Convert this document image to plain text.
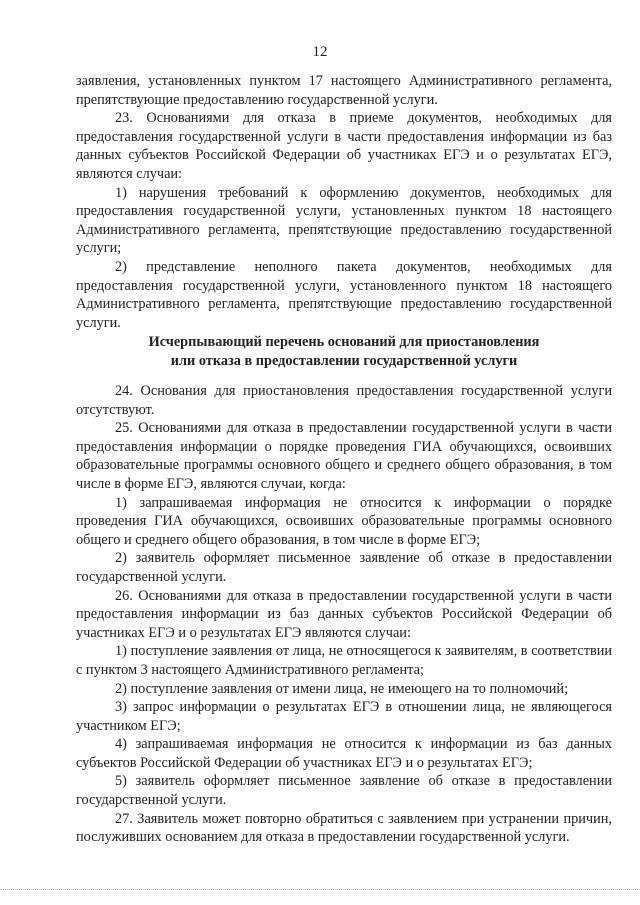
12

заявления, установленных пунктом 17 настоящего Административного регламента, препятствующие предоставлению государственной услуги.

23. Основаниями для отказа в приеме документов, необходимых для предоставления государственной услуги в части предоставления информации из баз данных субъектов Российской Федерации об участниках ЕГЭ и о результатах ЕГЭ, являются случаи:

1) нарушения требований к оформлению документов, необходимых для предоставления государственной услуги, установленных пунктом 18 настоящего Административного регламента, препятствующие предоставлению государственной услуги;

2) представление неполного пакета документов, необходимых для предоставления государственной услуги, установленного пунктом 18 настоящего Административного регламента, препятствующие предоставлению государственной услуги.

Исчерпывающий перечень оснований для приостановления

или отказа в предоставлении государственной услуги

24. Основания для приостановления предоставления государственной услуги отсутствуют.

25. Основаниями для отказа в предоставлении государственной услуги в части предоставления информации о порядке проведения ГИА обучающихся, освоивших образовательные программы основного общего и среднего общего образования, в том числе в форме ЕГЭ, являются случаи, когда:

1) запрашиваемая информация не относится к информации о порядке проведения ГИА обучающихся, освоивших образовательные программы основного общего и среднего общего образования, в том числе в форме ЕГЭ;

2) заявитель оформляет письменное заявление об отказе в предоставлении государственной услуги.

26. Основаниями для отказа в предоставлении государственной услуги в части предоставления информации из баз данных субъектов Российской Федерации об участниках ЕГЭ и о результатах ЕГЭ являются случаи:

1) поступление заявления от лица, не относящегося к заявителям, в соответствии с пунктом 3 настоящего Административного регламента;

2) поступление заявления от имени лица, не имеющего на то полномочий;

3) запрос информации о результатах ЕГЭ в отношении лица, не являющегося участником ЕГЭ;

4) запрашиваемая информация не относится к информации из баз данных субъектов Российской Федерации об участниках ЕГЭ и о результатах ЕГЭ;

5) заявитель оформляет письменное заявление об отказе в предоставлении государственной услуги.

27. Заявитель может повторно обратиться с заявлением при устранении причин, послуживших основанием для отказа в предоставлении государственной услуги.
